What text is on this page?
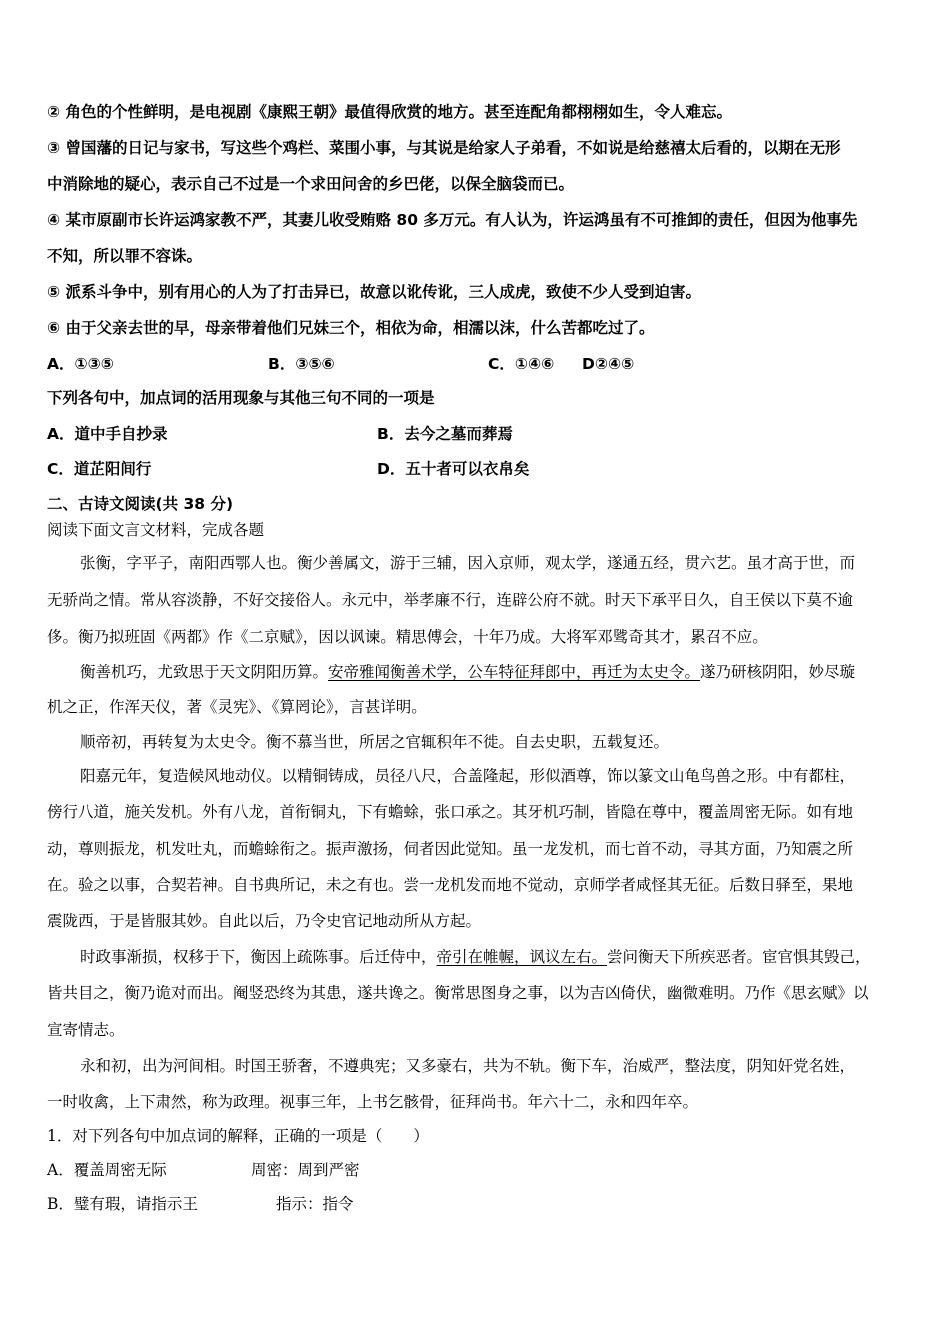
② 角色的个性鲜明，是电视剧《康熙王朝》最值得欣赏的地方。甚至连配角都栩栩如生，令人难忘。
③ 曾国藩的日记与家书，写这些个鸡栏、菜围小事，与其说是给家人子弟看，不如说是给慈禧太后看的，以期在无形
中消除地的疑心，表示自己不过是一个求田问舍的乡巴佬，以保全脑袋而已。
④ 某市原副市长许运鸿家教不严，其妻儿收受贿赂 80 多万元。有人认为，许运鸿虽有不可推卸的责任，但因为他事先
不知，所以罪不容诛。
⑤ 派系斗争中，别有用心的人为了打击异已，故意以讹传讹，三人成虎，致使不少人受到迫害。
⑥ 由于父亲去世的早，母亲带着他们兄妹三个，相依为命，相濡以沫，什么苦都吃过了。
A．①③⑤	B．③⑤⑥	C．①④⑥ D②④⑤
下列各句中，加点词的活用现象与其他三句不同的一项是
A．道中手自抄录	B．去今之墓而葬焉
C．道芷阳间行	D．五十者可以衣帛矣
二、古诗文阅读(共 38 分)
阅读下面文言文材料，完成各题
张衡，字平子，南阳西鄂人也。衡少善属文，游于三辅，因入京师，观太学，遂通五经，贯六艺。虽才高于世，而
无骄尚之情。常从容淡静，不好交接俗人。永元中，举孝廉不行，连辟公府不就。时天下承平日久，自王侯以下莫不逾
侈。衡乃拟班固《两都》作《二京赋》，因以讽谏。精思傅会，十年乃成。大将军邓骘奇其才，累召不应。
衡善机巧，尤致思于天文阴阳历算。安帝雅闻衡善术学，公车特征拜郎中，再迁为太史令。遂乃研核阴阳，妙尽璇
机之正，作浑天仪，著《灵宪》、《算罔论》，言甚详明。
顺帝初，再转复为太史令。衡不慕当世，所居之官辄积年不徙。自去史职，五载复还。
阳嘉元年，复造候风地动仪。以精铜铸成，员径八尺，合盖隆起，形似酒尊，饰以篆文山龟鸟兽之形。中有都柱，
傍行八道，施关发机。外有八龙，首衔铜丸，下有蟾蜍，张口承之。其牙机巧制，皆隐在尊中，覆盖周密无际。如有地
动，尊则振龙，机发吐丸，而蟾蜍衔之。振声激扬，伺者因此觉知。虽一龙发机，而七首不动，寻其方面，乃知震之所
在。验之以事，合契若神。自书典所记，未之有也。尝一龙机发而地不觉动，京师学者咸怪其无征。后数日驿至，果地
震陇西，于是皆服其妙。自此以后，乃令史官记地动所从方起。
时政事渐损，权移于下，衡因上疏陈事。后迁侍中，帝引在帷幄，讽议左右。尝问衡天下所疾恶者。宦官惧其毁己，
皆共目之，衡乃诡对而出。阉竖恐终为其患，遂共谗之。衡常思图身之事，以为吉凶倚伏，幽微难明。乃作《思玄赋》以
宣寄情志。
永和初，出为河间相。时国王骄奢，不遵典宪；又多豪右，共为不轨。衡下车，治威严，整法度，阴知奸党名姓，
一时收禽，上下肃然，称为政理。视事三年，上书乞骸骨，征拜尚书。年六十二，永和四年卒。
1．对下列各句中加点词的解释，正确的一项是（　　）
A．覆盖周密无际	周密：周到严密
B．璧有瑕，请指示王	指示：指令
